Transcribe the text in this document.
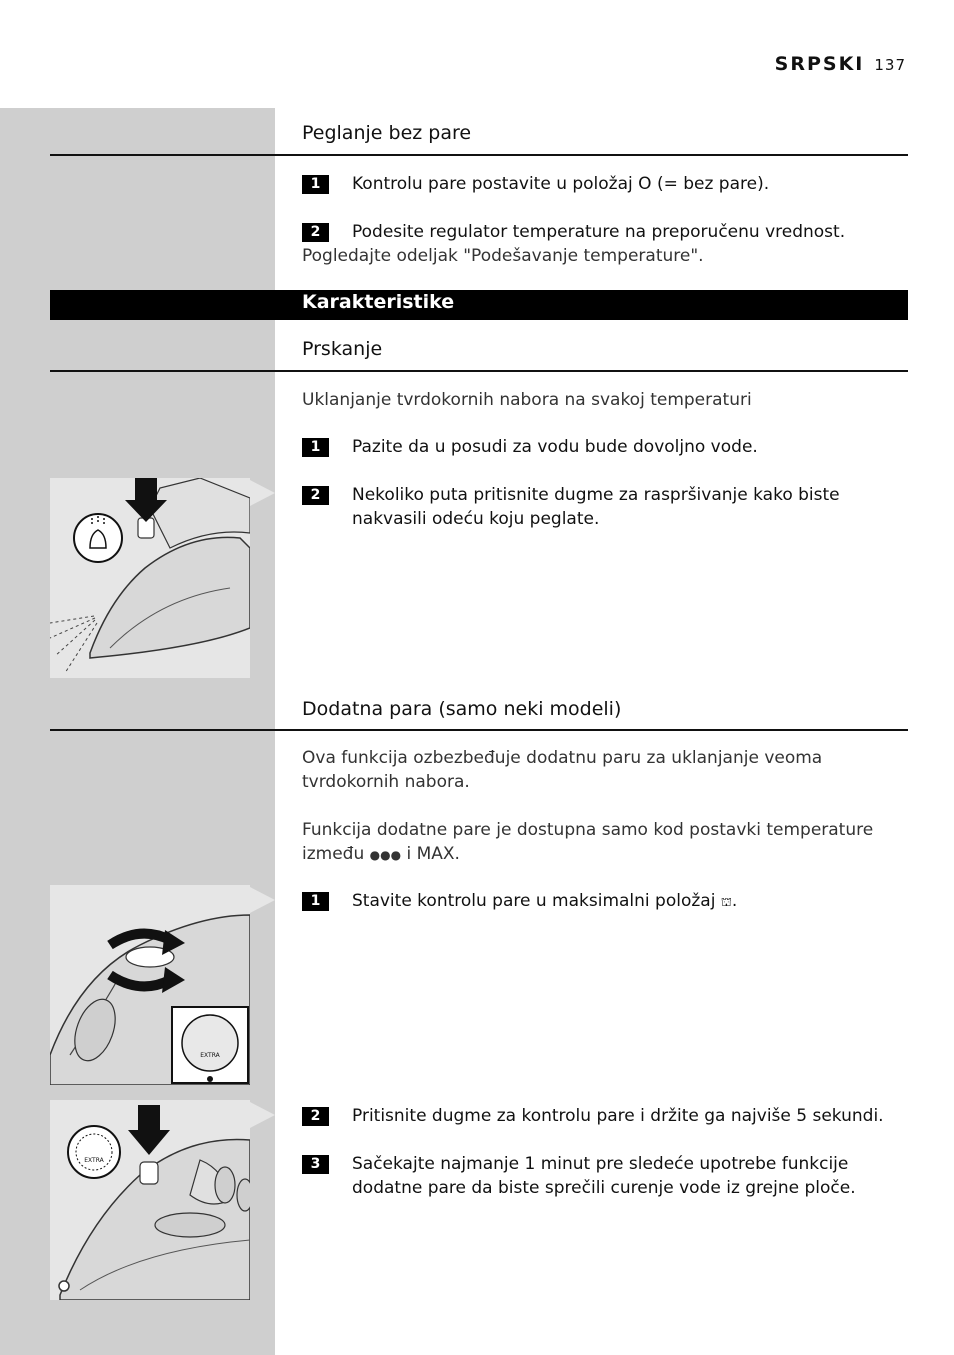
SRPSKI 137
Peglanje bez pare
1	Kontrolu pare postavite u položaj O (= bez pare).
2	Podesite regulator temperature na preporučenu vrednost.
Pogledajte odeljak "Podešavanje temperature".
Karakteristike
Prskanje
Uklanjanje tvrdokornih nabora na svakoj temperaturi
1	Pazite da u posudi za vodu bude dovoljno vode.
2	Nekoliko puta pritisnite dugme za raspršivanje kako biste nakvasili odeću koju peglate.
Dodatna para (samo neki modeli)
Ova funkcija ozbezbeđuje dodatnu paru za uklanjanje veoma tvrdokornih nabora.
Funkcija dodatne pare je dostupna samo kod postavki temperature između ●●● i MAX.
1	Stavite kontrolu pare u maksimalni položaj ⛫.
EXTRA
2	Pritisnite dugme za kontrolu pare i držite ga najviše 5 sekundi.
3	Sačekajte najmanje 1 minut pre sledeće upotrebe funkcije dodatne pare da biste sprečili curenje vode iz grejne ploče.
EXTRA
